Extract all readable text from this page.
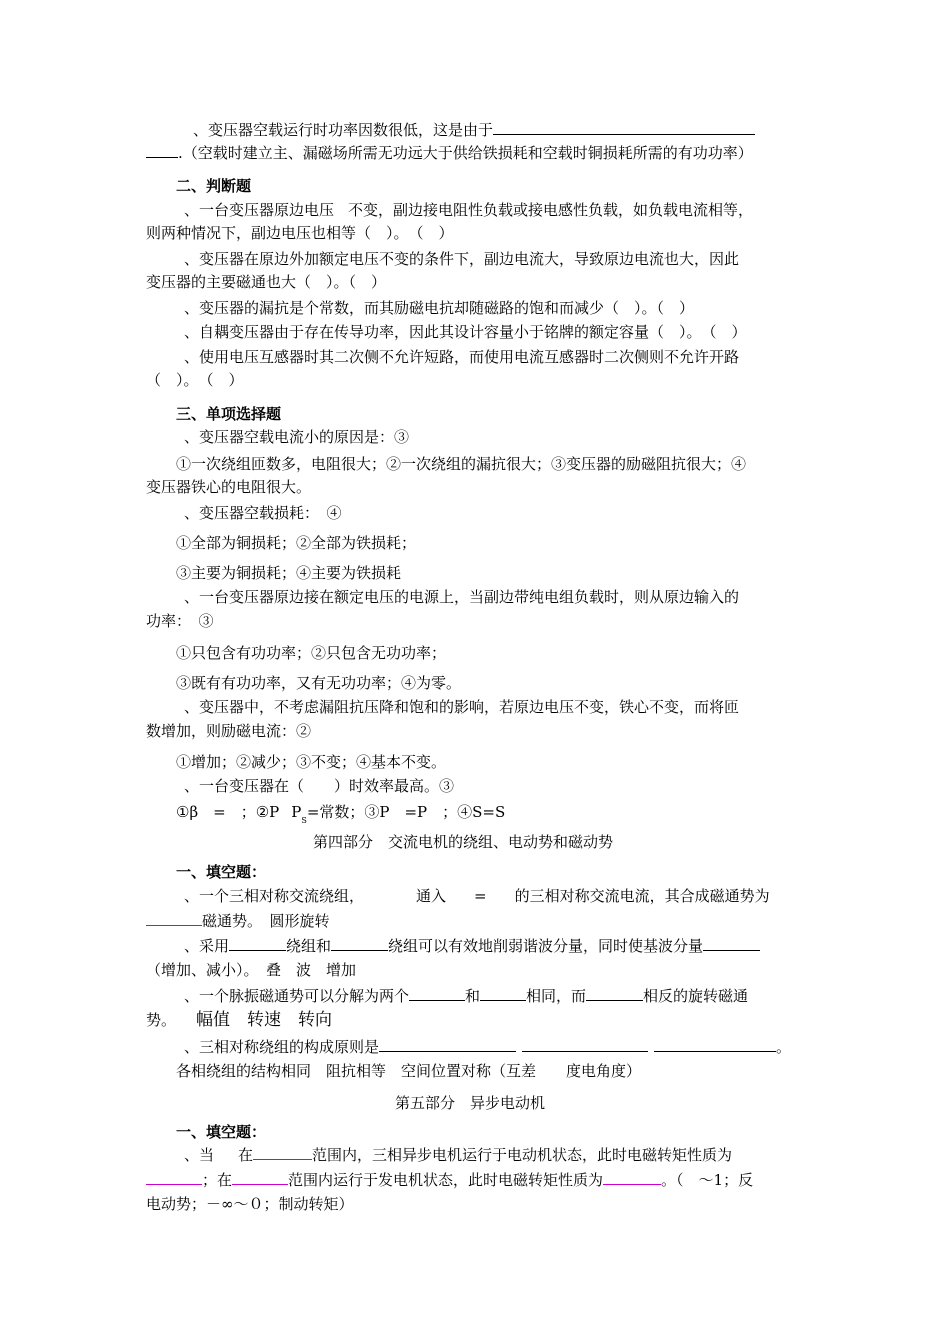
、变压器空载运行时功率因数很低，这是由于
.（空载时建立主、漏磁场所需无功远大于供给铁损耗和空载时铜损耗所需的有功功率）
二、判断题
、一台变压器原边电压 不变，副边接电阻性负载或接电感性负载，如负载电流相等，
则两种情况下，副边电压也相等（　）。　（　）
、变压器在原边外加额定电压不变的条件下，副边电流大，导致原边电流也大，因此
变压器的主要磁通也大（　）。（　）
、变压器的漏抗是个常数，而其励磁电抗却随磁路的饱和而减少（　）。（　）
、自耦变压器由于存在传导功率，因此其设计容量小于铭牌的额定容量（　）。　（　）
、使用电压互感器时其二次侧不允许短路，而使用电流互感器时二次侧则不允许开路
（　）。　（　）
三、单项选择题
、变压器空载电流小的原因是：③
①一次绕组匝数多，电阻很大；②一次绕组的漏抗很大；③变压器的励磁阻抗很大；④
变压器铁心的电阻很大。
、变压器空载损耗：　④
①全部为铜损耗；②全部为铁损耗；
③主要为铜损耗；④主要为铁损耗
、一台变压器原边接在额定电压的电源上，当副边带纯电组负载时，则从原边输入的
功率：　③
①只包含有功功率；②只包含无功功率；
③既有有功功率，又有无功功率；④为零。
、变压器中，不考虑漏阻抗压降和饱和的影响，若原边电压不变，铁心不变，而将匝
数增加，则励磁电流：②
①增加；②减少；③不变；④基本不变。
、一台变压器在（　　）时效率最高。③
①β　=　；②P $P_S=$常数；③P　=P　；④S=S
第四部分　交流电机的绕组、电动势和磁动势
一、填空题：
、一个三相对称交流绕组，	通入 = 的三相对称交流电流，其合成磁通势为
磁通势。　圆形旋转
、采用	绕组和	绕组可以有效地削弱谐波分量，同时使基波分量
（增加、减小）。　叠　波　增加
、一个脉振磁通势可以分解为两个	和	相同，而	相反的旋转磁通
势。 幅值　转速　转向
、三相对称绕组的构成原则是	。
各相绕组的结构相同　阻抗相等　空间位置对称（互差　　度电角度）
第五部分　异步电动机
一、填空题：
、当 在	范围内，三相异步电机运行于电动机状态，此时电磁转矩性质为
；在	范围内运行于发电机状态，此时电磁转矩性质为	。（　～1；反
电动势；－∞～０；制动转矩）
